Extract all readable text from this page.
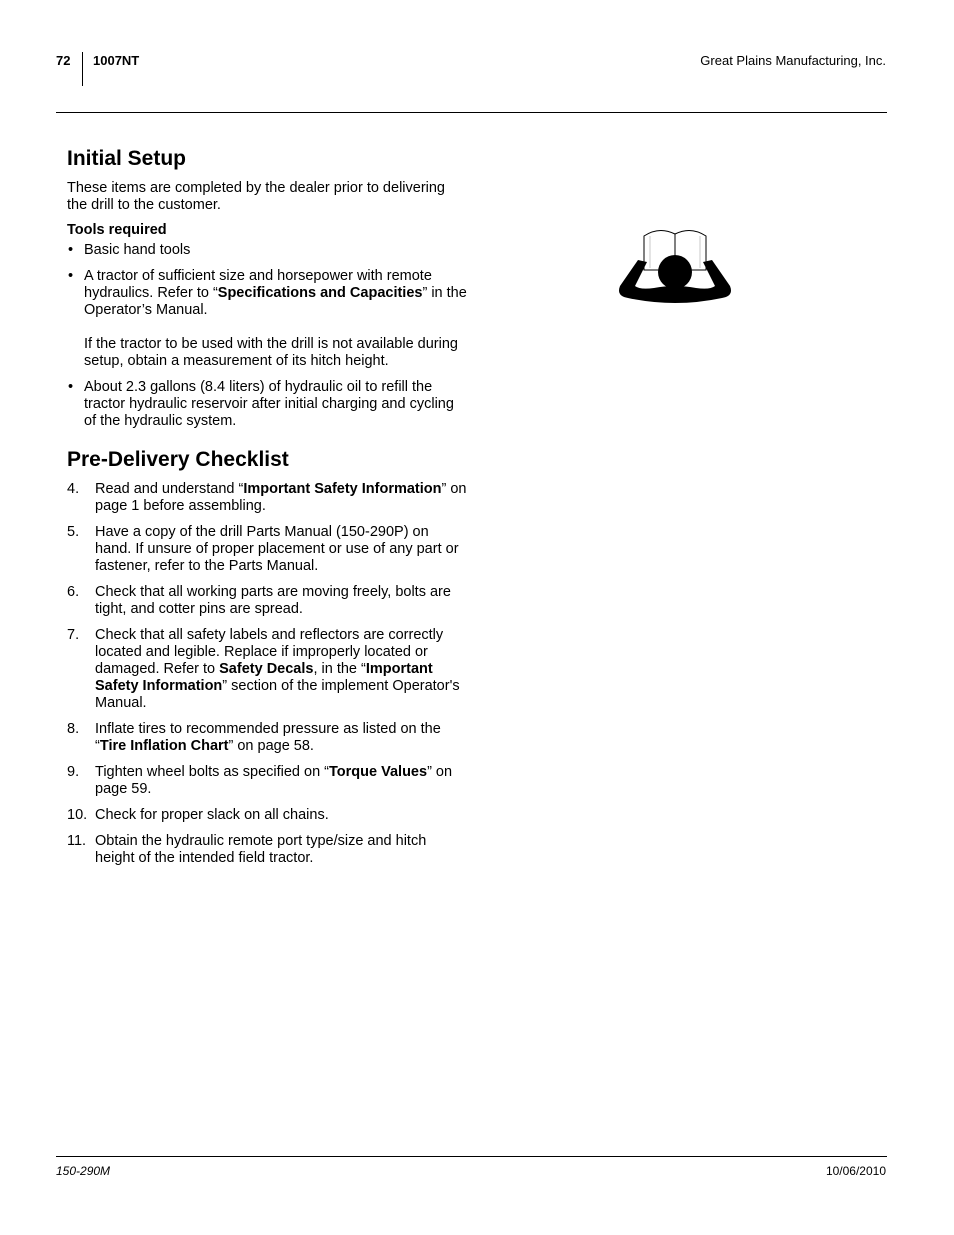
72 1007NT	Great Plains Manufacturing, Inc.
Initial Setup

These items are completed by the dealer prior to delivering the drill to the customer.

Tools required

• Basic hand tools
• A tractor of sufficient size and horsepower with remote hydraulics. Refer to “Specifications and Capacities” in the Operator’s Manual.
If the tractor to be used with the drill is not available during setup, obtain a measurement of its hitch height.
• About 2.3 gallons (8.4 liters) of hydraulic oil to refill the tractor hydraulic reservoir after initial charging and cycling of the hydraulic system.
Pre-Delivery Checklist
4. Read and understand “Important Safety Information” on page 1 before assembling.
5. Have a copy of the drill Parts Manual (150-290P) on hand. If unsure of proper placement or use of any part or fastener, refer to the Parts Manual.
6. Check that all working parts are moving freely, bolts are tight, and cotter pins are spread.
7. Check that all safety labels and reflectors are correctly located and legible. Replace if improperly located or damaged. Refer to Safety Decals, in the “Important Safety Information” section of the implement Operator's Manual.
8. Inflate tires to recommended pressure as listed on the “Tire Inflation Chart” on page 58.
9. Tighten wheel bolts as specified on “Torque Values” on page 59.
10. Check for proper slack on all chains.
11. Obtain the hydraulic remote port type/size and hitch height of the intended field tractor.
150-290M	10/06/2010
